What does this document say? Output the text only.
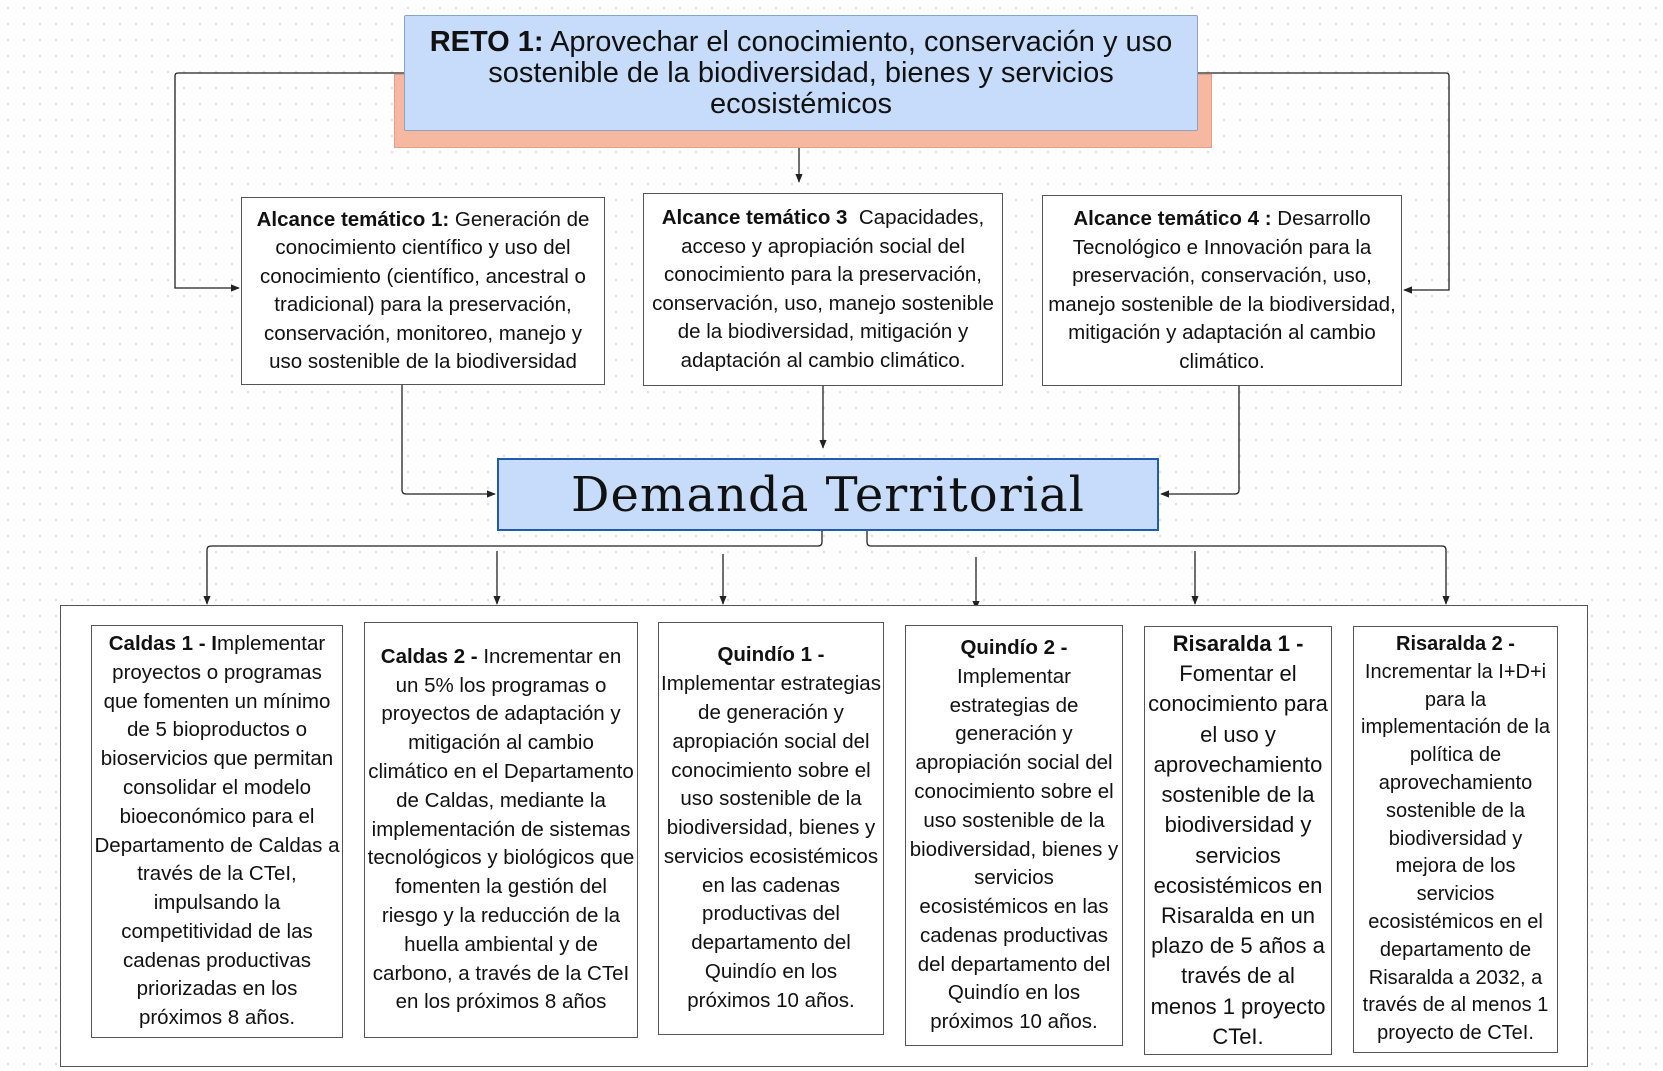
RETO 1: Aprovechar el conocimiento, conservación y uso sostenible de la biodiversidad, bienes y servicios ecosistémicos

Alcance temático 1: Generación de conocimiento científico y uso del conocimiento (científico, ancestral o tradicional) para la preservación, conservación, monitoreo, manejo y uso sostenible de la biodiversidad

Alcance temático 3 Capacidades, acceso y apropiación social del conocimiento para la preservación, conservación, uso, manejo sostenible de la biodiversidad, mitigación y adaptación al cambio climático.

Alcance temático 4 : Desarrollo Tecnológico e Innovación para la preservación, conservación, uso, manejo sostenible de la biodiversidad, mitigación y adaptación al cambio climático.

Demanda Territorial

Caldas 1 - Implementar proyectos o programas que fomenten un mínimo de 5 bioproductos o bioservicios que permitan consolidar el modelo bioeconómico para el Departamento de Caldas a través de la CTeI, impulsando la competitividad de las cadenas productivas priorizadas en los próximos 8 años.

Caldas 2 - Incrementar en un 5% los programas o proyectos de adaptación y mitigación al cambio climático en el Departamento de Caldas, mediante la implementación de sistemas tecnológicos y biológicos que fomenten la gestión del riesgo y la reducción de la huella ambiental y de carbono, a través de la CTeI en los próximos 8 años

Quindío 1 -
Implementar estrategias de generación y apropiación social del conocimiento sobre el uso sostenible de la biodiversidad, bienes y servicios ecosistémicos en las cadenas productivas del departamento del Quindío en los próximos 10 años.

Quindío 2 -
Implementar estrategias de generación y apropiación social del conocimiento sobre el uso sostenible de la biodiversidad, bienes y servicios ecosistémicos en las cadenas productivas del departamento del Quindío en los próximos 10 años.

Risaralda 1 -
Fomentar el conocimiento para el uso y aprovechamiento sostenible de la biodiversidad y servicios ecosistémicos en Risaralda en un plazo de 5 años a través de al menos 1 proyecto CTeI.

Risaralda 2 -
Incrementar la I+D+i para la implementación de la política de aprovechamiento sostenible de la biodiversidad y mejora de los servicios ecosistémicos en el departamento de Risaralda a 2032, a través de al menos 1 proyecto de CTeI.
